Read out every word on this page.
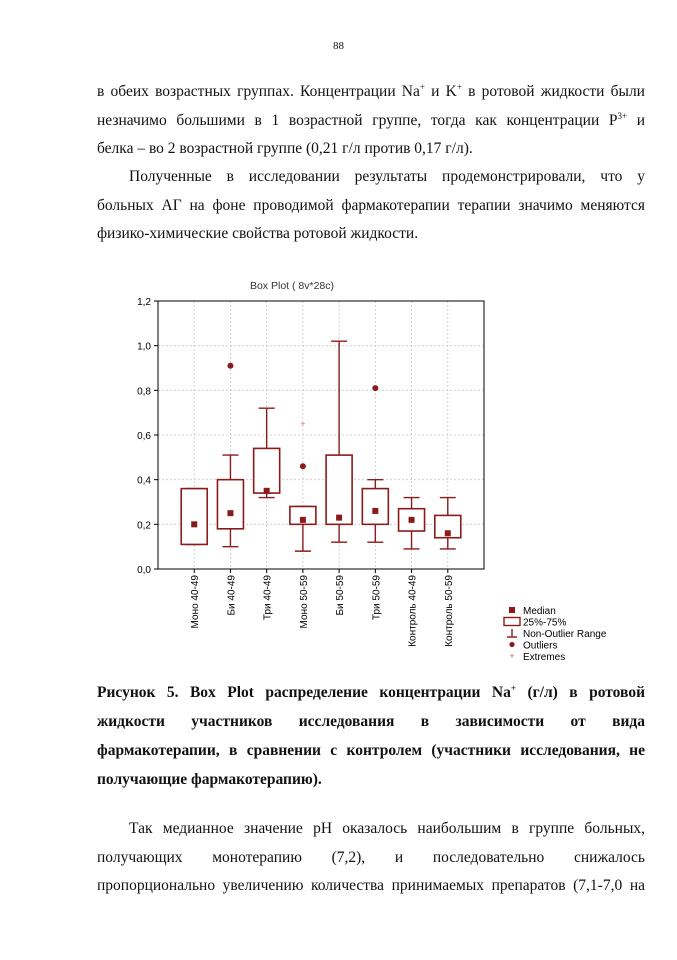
88

в обеих возрастных группах. Концентрации Na+ и K+ в ротовой жидкости были
незначимо большими в 1 возрастной группе, тогда как концентрации $P^{3+}$ и
белка – во 2 возрастной группе (0,21 г/л против 0,17 г/л).

Полученные в исследовании результаты продемонстрировали, что у
больных АГ на фоне проводимой фармакотерапии терапии значимо меняются
физико-химические свойства ротовой жидкости.

Box Plot ( 8v*28c)
0,0
0,2
0,4
0,6
0,8
1,0
1,2
Моно 40-49	Би 40-49	Три 40-49	Моно 50-59	Би 50-59	Три 50-59	Контроль 40-49	Контроль 50-59
+
Median
25%-75%
Non-Outlier Range
Outliers
+ Extremes
Рисунок 5. Box Plot распределение концентрации Na+ (г/л) в ротовой
жидкости участников исследования в зависимости от вида
фармакотерапии, в сравнении с контролем (участники исследования, не
получающие фармакотерапию).

Так медианное значение pH оказалось наибольшим в группе больных,
получающих монотерапию (7,2), и последовательно снижалось
пропорционально увеличению количества принимаемых препаратов (7,1-7,0 на
